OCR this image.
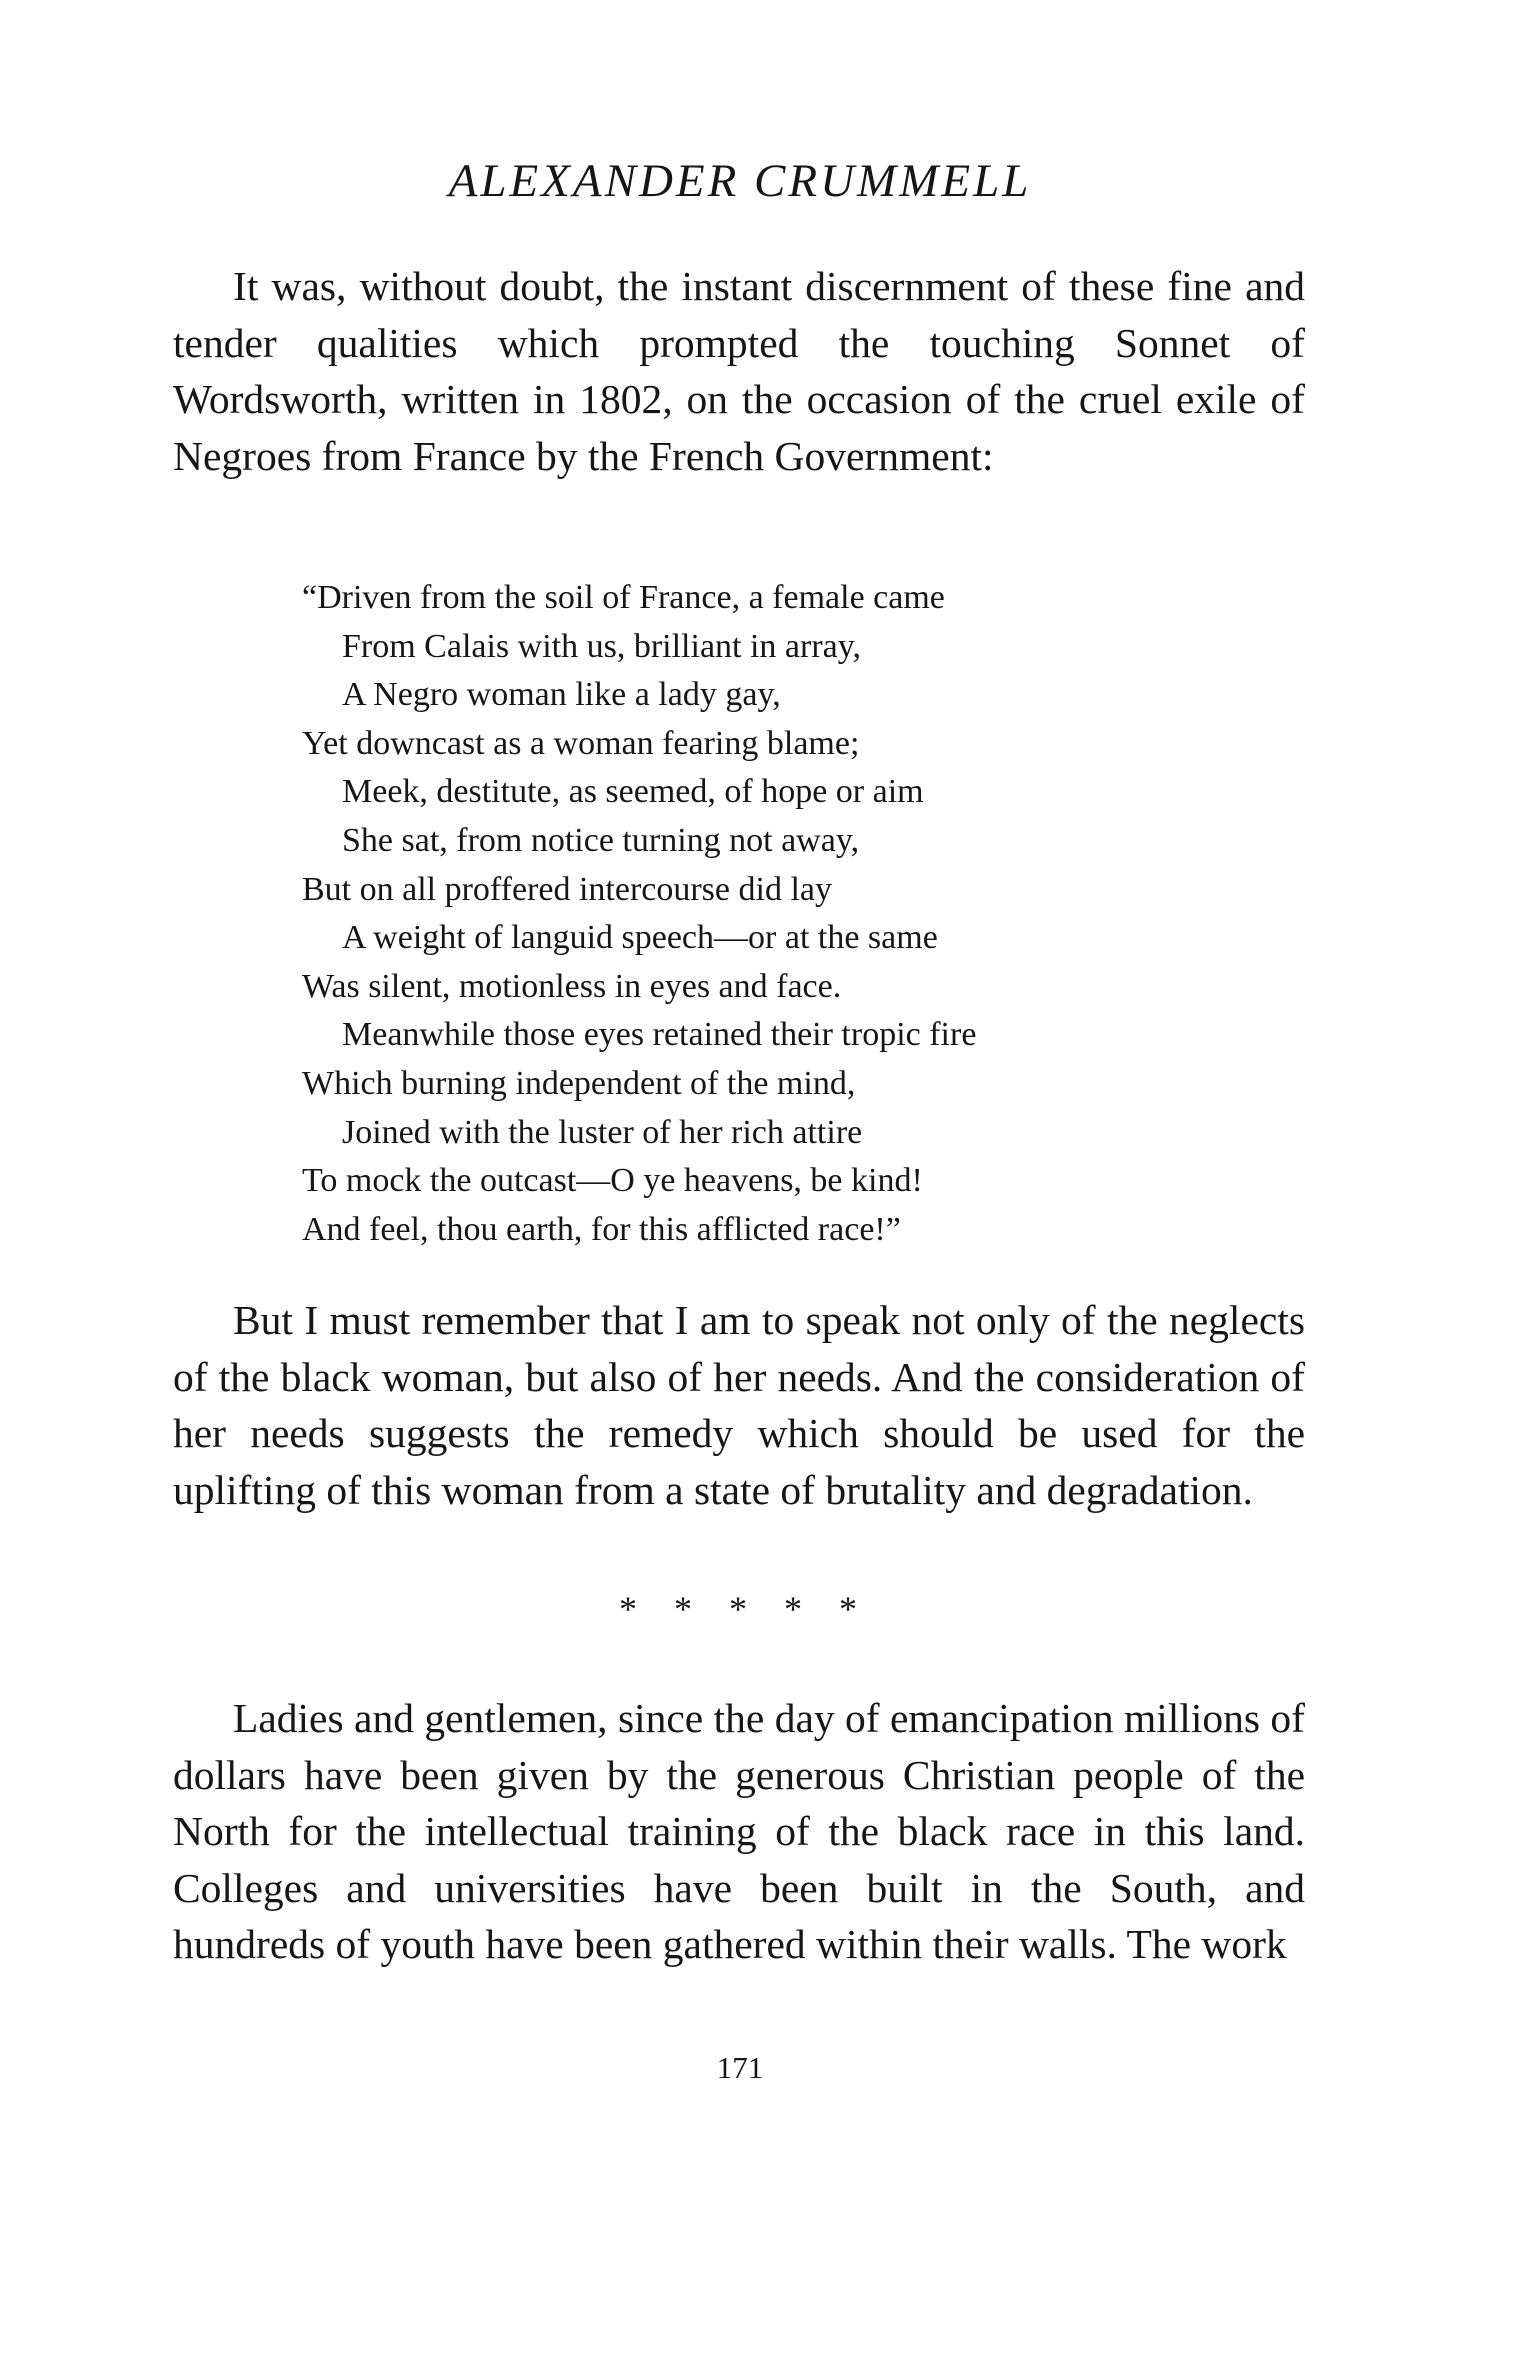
ALEXANDER CRUMMELL

It was, without doubt, the instant discernment of these fine and tender qualities which prompted the touching Sonnet of Wordsworth, written in 1802, on the occasion of the cruel exile of Negroes from France by the French Government:

“Driven from the soil of France, a female came
From Calais with us, brilliant in array,
A Negro woman like a lady gay,
Yet downcast as a woman fearing blame;
Meek, destitute, as seemed, of hope or aim
She sat, from notice turning not away,
But on all proffered intercourse did lay
A weight of languid speech—or at the same
Was silent, motionless in eyes and face.
Meanwhile those eyes retained their tropic fire
Which burning independent of the mind,
Joined with the luster of her rich attire
To mock the outcast—O ye heavens, be kind!
And feel, thou earth, for this afflicted race!”

But I must remember that I am to speak not only of the neglects of the black woman, but also of her needs. And the consideration of her needs suggests the remedy which should be used for the uplifting of this woman from a state of brutality and degradation.

* * * * *

Ladies and gentlemen, since the day of emancipation millions of dollars have been given by the generous Christian people of the North for the intellectual training of the black race in this land. Colleges and universities have been built in the South, and hundreds of youth have been gathered within their walls. The work

171
